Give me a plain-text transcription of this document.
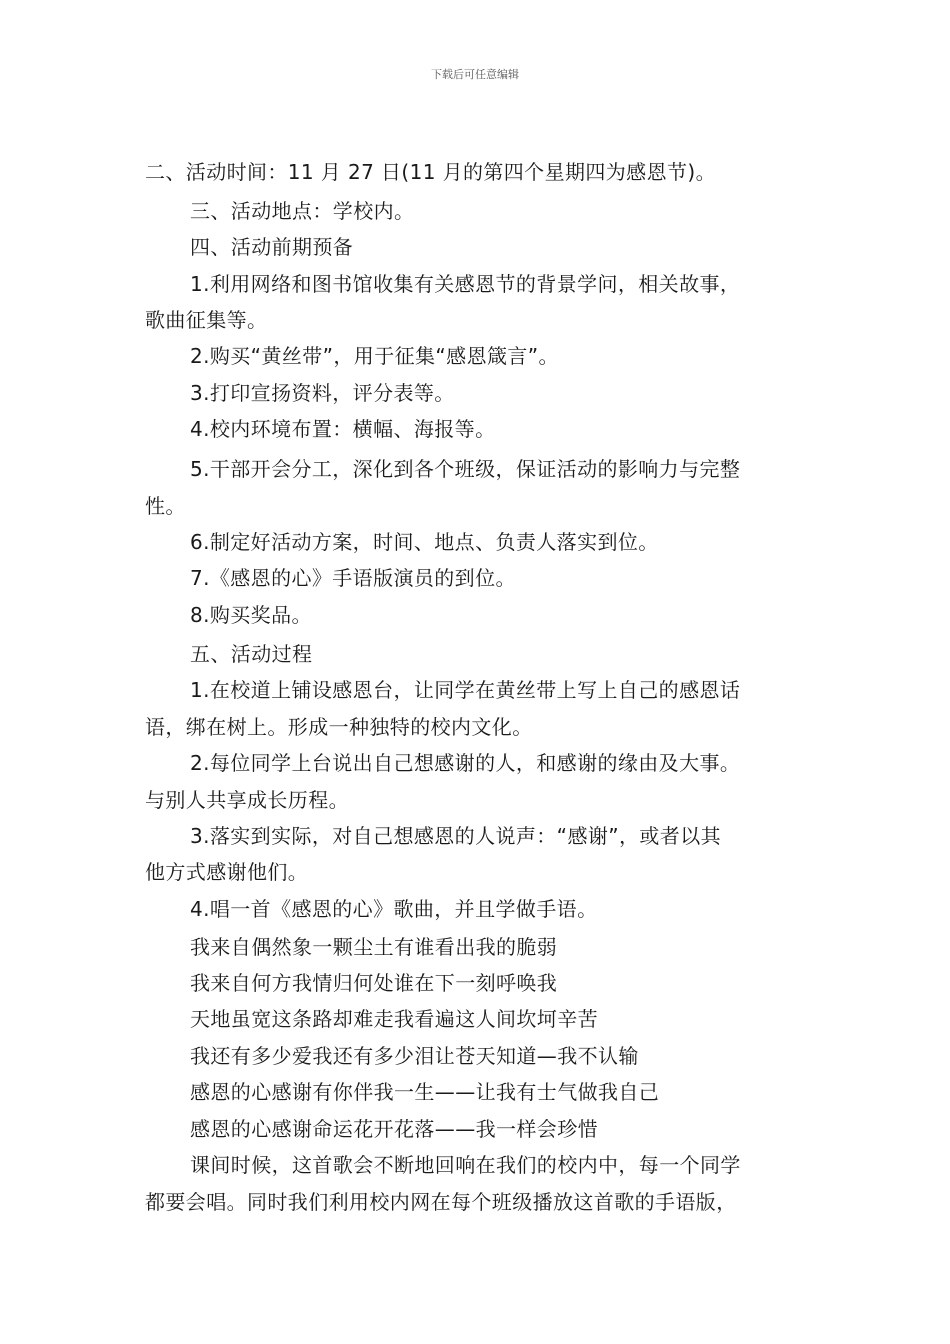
下载后可任意编辑
二、活动时间：11 月 27 日(11 月的第四个星期四为感恩节)。
三、活动地点：学校内。
四、活动前期预备
1.利用网络和图书馆收集有关感恩节的背景学问，相关故事，
歌曲征集等。
2.购买“黄丝带”，用于征集“感恩箴言”。
3.打印宣扬资料，评分表等。
4.校内环境布置：横幅、海报等。
5.干部开会分工，深化到各个班级，保证活动的影响力与完整
性。
6.制定好活动方案，时间、地点、负责人落实到位。
7.《感恩的心》手语版演员的到位。
8.购买奖品。
五、活动过程
1.在校道上铺设感恩台，让同学在黄丝带上写上自己的感恩话
语，绑在树上。形成一种独特的校内文化。
2.每位同学上台说出自己想感谢的人，和感谢的缘由及大事。
与别人共享成长历程。
3.落实到实际，对自己想感恩的人说声：“感谢”，或者以其
他方式感谢他们。
4.唱一首《感恩的心》歌曲，并且学做手语。
我来自偶然象一颗尘土有谁看出我的脆弱
我来自何方我情归何处谁在下一刻呼唤我
天地虽宽这条路却难走我看遍这人间坎坷辛苦
我还有多少爱我还有多少泪让苍天知道—我不认输
感恩的心感谢有你伴我一生——让我有士气做我自己
感恩的心感谢命运花开花落——我一样会珍惜
课间时候，这首歌会不断地回响在我们的校内中，每一个同学
都要会唱。同时我们利用校内网在每个班级播放这首歌的手语版，
